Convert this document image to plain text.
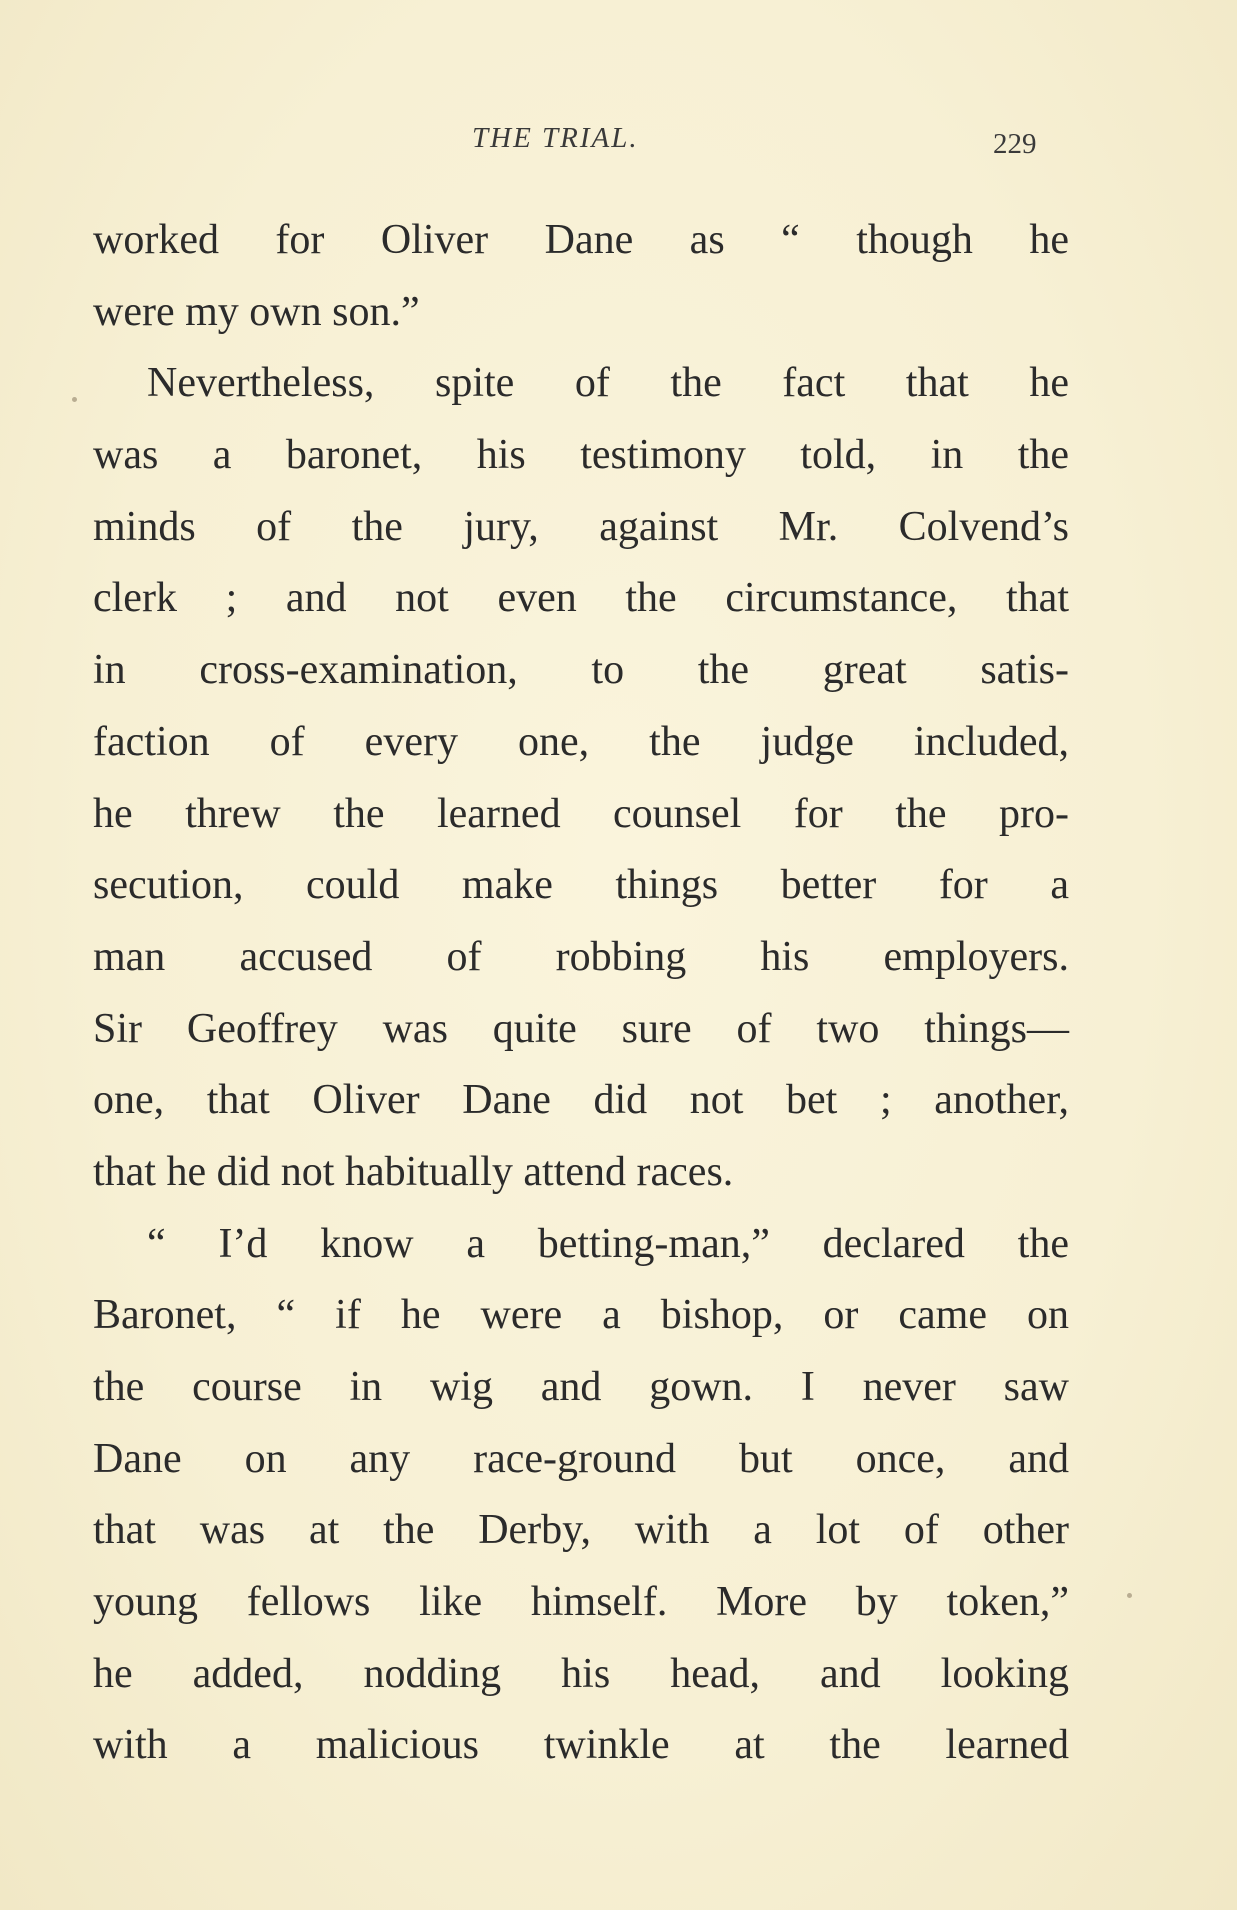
THE TRIAL.	229
worked for Oliver Dane as “ though he
were my own son.”
Nevertheless, spite of the fact that he
was a baronet, his testimony told, in the
minds of the jury, against Mr. Colvend’s
clerk ; and not even the circumstance, that
in cross-examination, to the great satis-
faction of every one, the judge included,
he threw the learned counsel for the pro-
secution, could make things better for a
man accused of robbing his employers.
Sir Geoffrey was quite sure of two things—
one, that Oliver Dane did not bet ; another,
that he did not habitually attend races.
“ I’d know a betting-man,” declared the
Baronet, “ if he were a bishop, or came on
the course in wig and gown. I never saw
Dane on any race-ground but once, and
that was at the Derby, with a lot of other
young fellows like himself. More by token,”
he added, nodding his head, and looking
with a malicious twinkle at the learned
